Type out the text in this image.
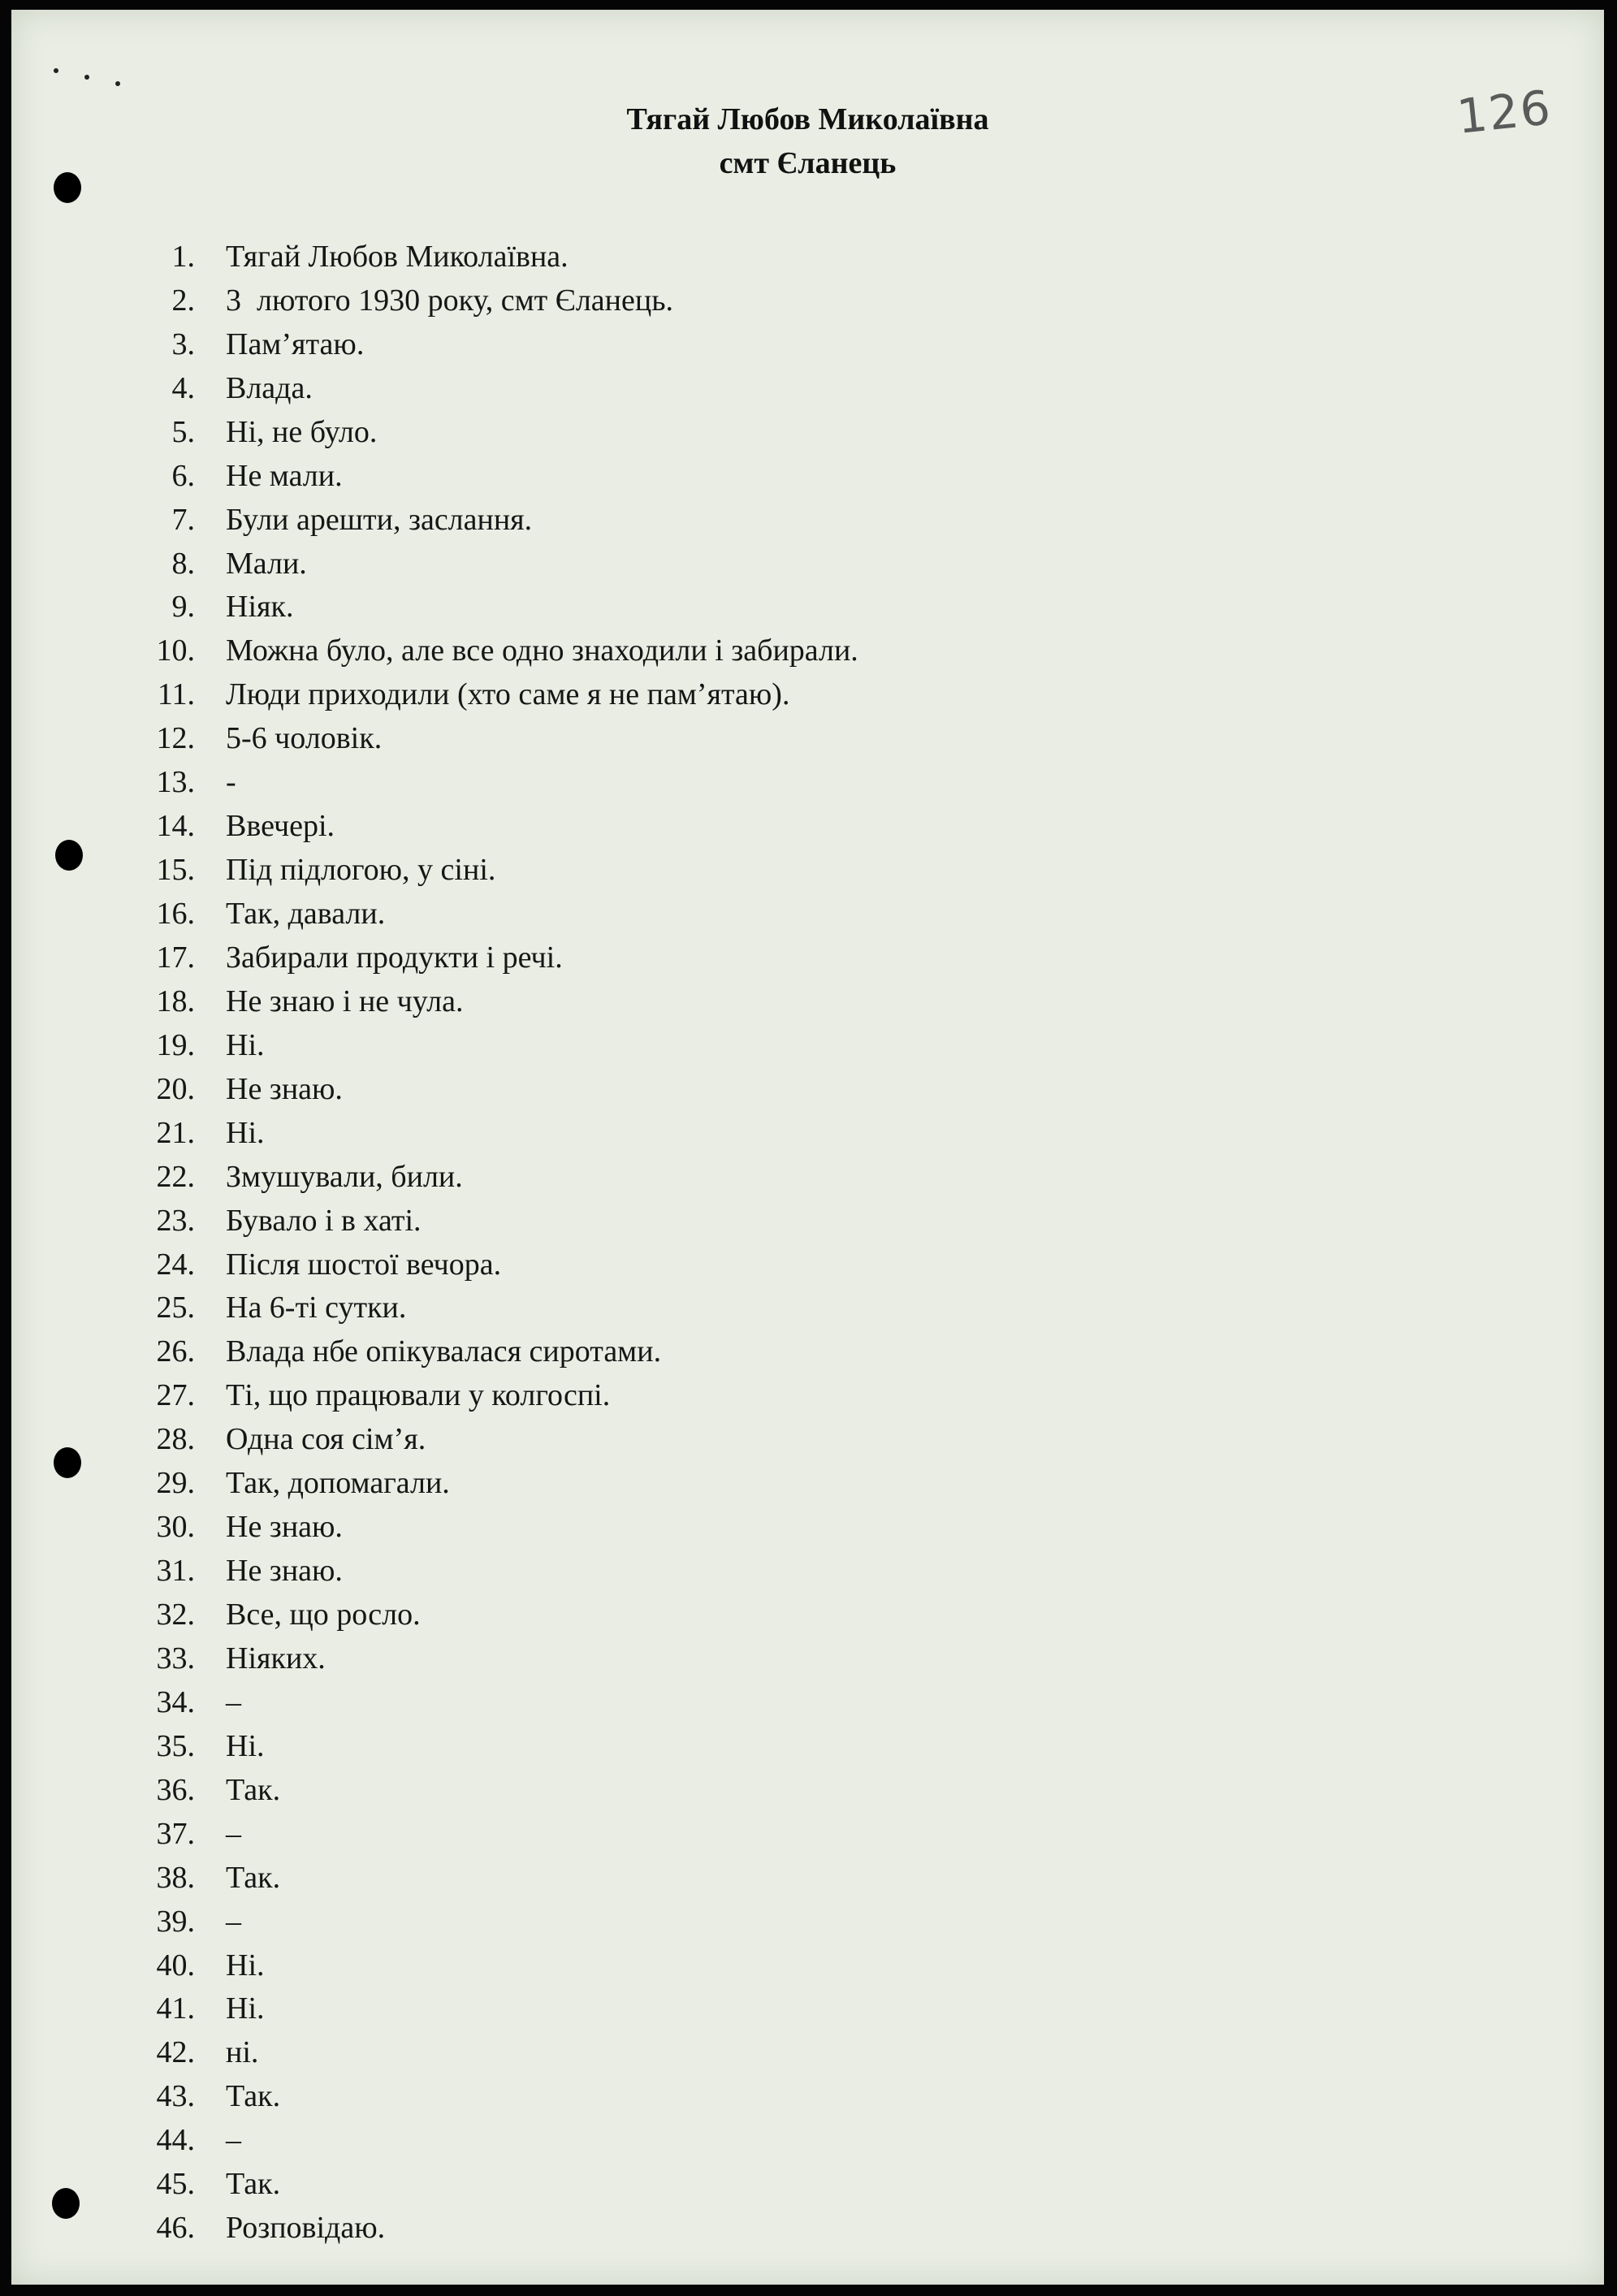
Тягай Любов Миколаївна
смт Єланець
126
1.	Тягай Любов Миколаївна.
2.	3  лютого 1930 року, смт Єланець.
3.	Пам’ятаю.
4.	Влада.
5.	Ні, не було.
6.	Не мали.
7.	Були арешти, заслання.
8.	Мали.
9.	Ніяк.
10.	Можна було, але все одно знаходили і забирали.
11.	Люди приходили (хто саме я не пам’ятаю).
12.	5-6 чоловік.
13.	-
14.	Ввечері.
15.	Під підлогою, у сіні.
16.	Так, давали.
17.	Забирали продукти і речі.
18.	Не знаю і не чула.
19.	Ні.
20.	Не знаю.
21.	Ні.
22.	Змушували, били.
23.	Бувало і в хаті.
24.	Після шостої вечора.
25.	На 6-ті сутки.
26.	Влада нбе опікувалася сиротами.
27.	Ті, що працювали у колгоспі.
28.	Одна соя сім’я.
29.	Так, допомагали.
30.	Не знаю.
31.	Не знаю.
32.	Все, що росло.
33.	Ніяких.
34.	–
35.	Ні.
36.	Так.
37.	–
38.	Так.
39.	–
40.	Ні.
41.	Ні.
42.	ні.
43.	Так.
44.	–
45.	Так.
46.	Розповідаю.
